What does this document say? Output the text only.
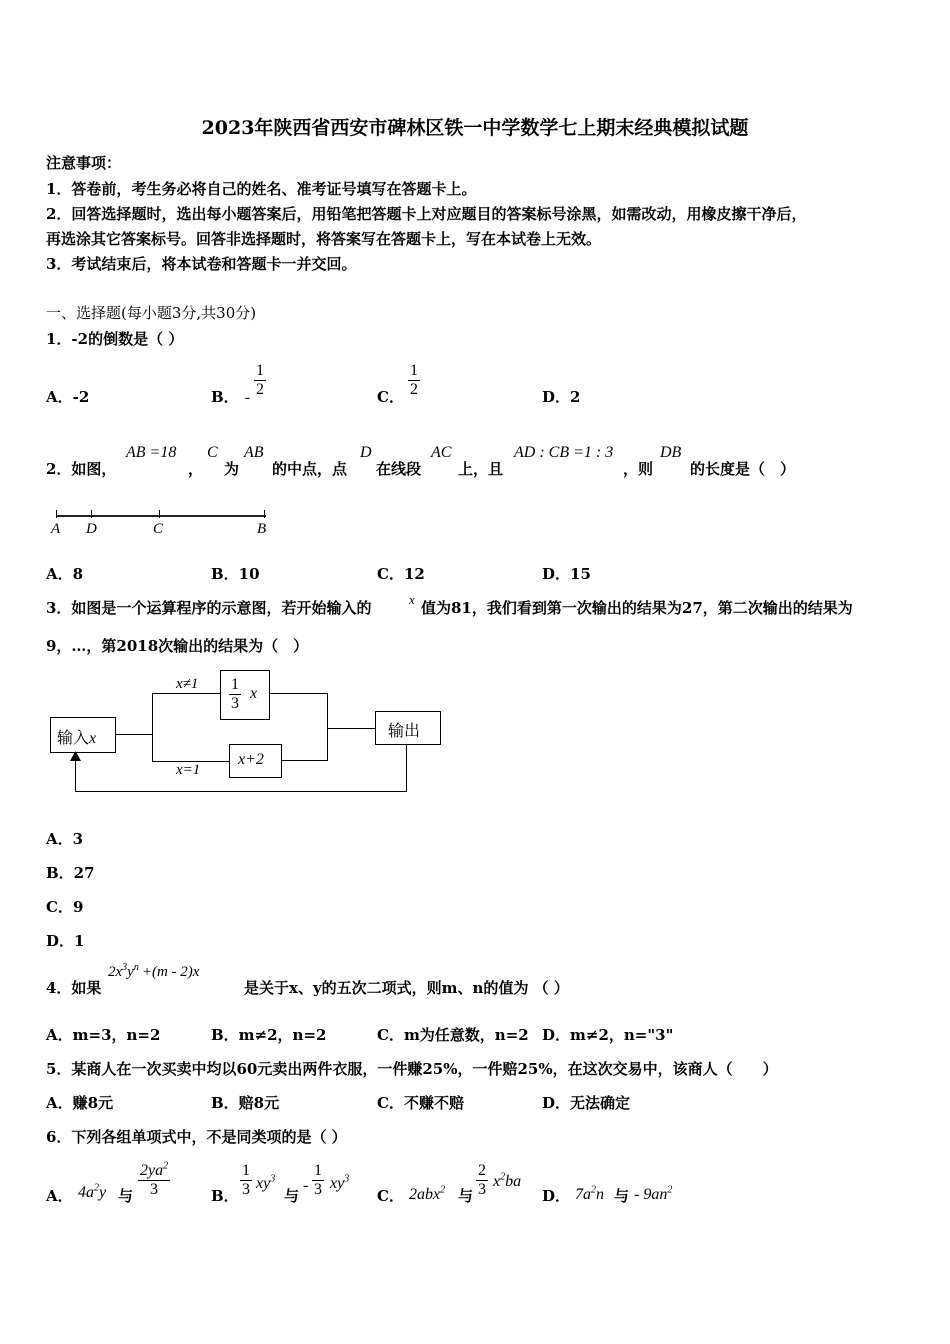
2023年陕西省西安市碑林区铁一中学数学七上期末经典模拟试题
注意事项：
1．答卷前，考生务必将自己的姓名、准考证号填写在答题卡上。
2．回答选择题时，选出每小题答案后，用铅笔把答题卡上对应题目的答案标号涂黑，如需改动，用橡皮擦干净后，
再选涂其它答案标号。回答非选择题时，将答案写在答题卡上，写在本试卷上无效。
3．考试结束后，将本试卷和答题卡一并交回。
一、选择题(每小题3分,共30分)
1．-2的倒数是（ ）
A．-2	B． - $\frac{1}{2}$	C． $\frac{1}{2}$	D．2
2．如图，
AB =18
，
C
为
AB
的中点，点
D
在线段
AC
上，且
AD : CB =1 : 3
，则
DB
的长度是（　）
A D	C	B
A．8	B．10	C．12	D．15
3．如图是一个运算程序的示意图，若开始输入的	x 值为81，我们看到第一次输出的结果为27，第二次输出的结果为
9，…，第2018次输出的结果为（　）
输入x
x≠1
x=1
$\frac{1}{3}$ x
x+2
输出
A．3
B．27
C．9
D．1
4．如果
$2x^3y^n +(m - 2)x$
是关于x、y的五次二项式，则m、n的值为 （ ）
A．m=3，n=2	B．m≠2，n=2	C．m为任意数，n=2 D．m≠2，n="3"
5．某商人在一次买卖中均以60元卖出两件衣服，一件赚25%，一件赔25%，在这次交易中，该商人（　　）
A．赚8元	B．赔8元	C．不赚不赔	D．无法确定
6．下列各组单项式中，不是同类项的是（ ）
A． $4a^2y$ 与 $\frac{2ya^2}{3}$	B． $\frac{1}{3} xy^3$
与
- $\frac{1}{3} xy^3$
C． 2abx$^2$ 与 $\frac{2}{3} x^2ba$
D． $7a^2n$ 与 - $9an^2$
